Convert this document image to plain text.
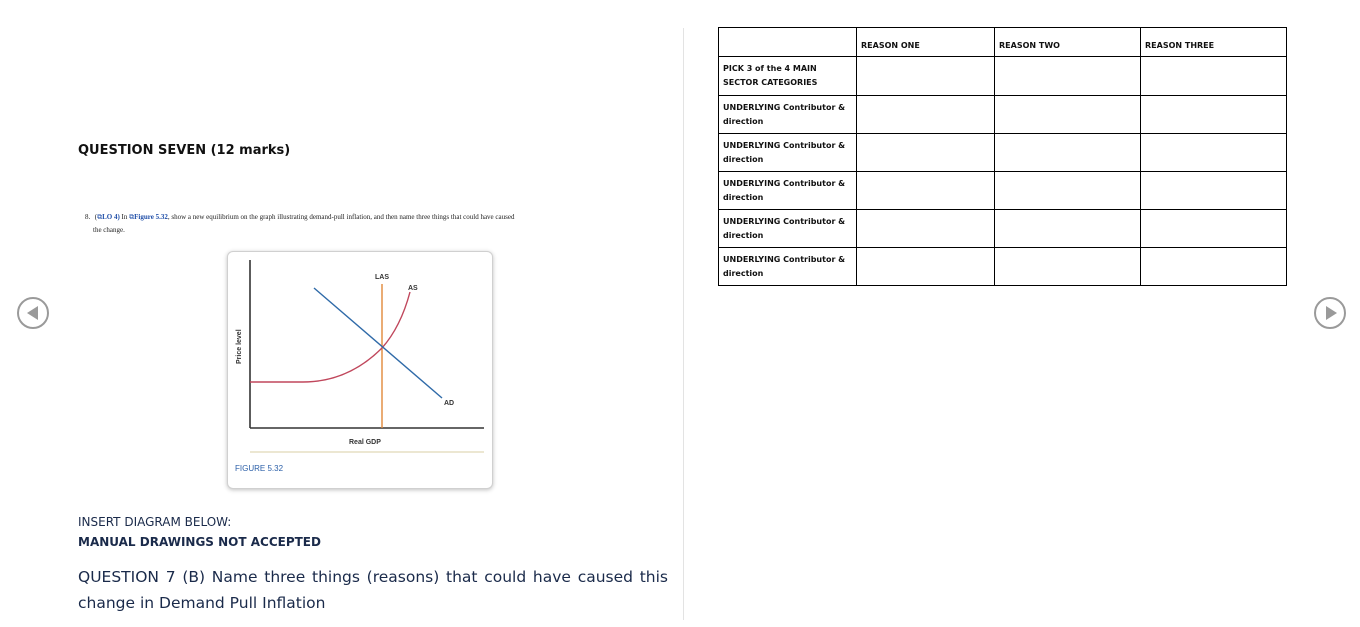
QUESTION SEVEN (12 marks)
8. (⧉LO 4) In ⧉Figure 5.32, show a new equilibrium on the graph illustrating demand-pull inflation, and then name three things that could have caused
the change.
LAS
AS
AD
Real GDP
Price level
FIGURE 5.32
INSERT DIAGRAM BELOW:
MANUAL DRAWINGS NOT ACCEPTED
QUESTION 7 (B) Name three things (reasons) that could have caused this change in Demand Pull Inflation
	REASON ONE	REASON TWO	REASON THREE
PICK 3 of the 4 MAIN SECTOR CATEGORIES			
UNDERLYING Contributor & direction			
UNDERLYING Contributor & direction			
UNDERLYING Contributor & direction			
UNDERLYING Contributor & direction			
UNDERLYING Contributor & direction			
